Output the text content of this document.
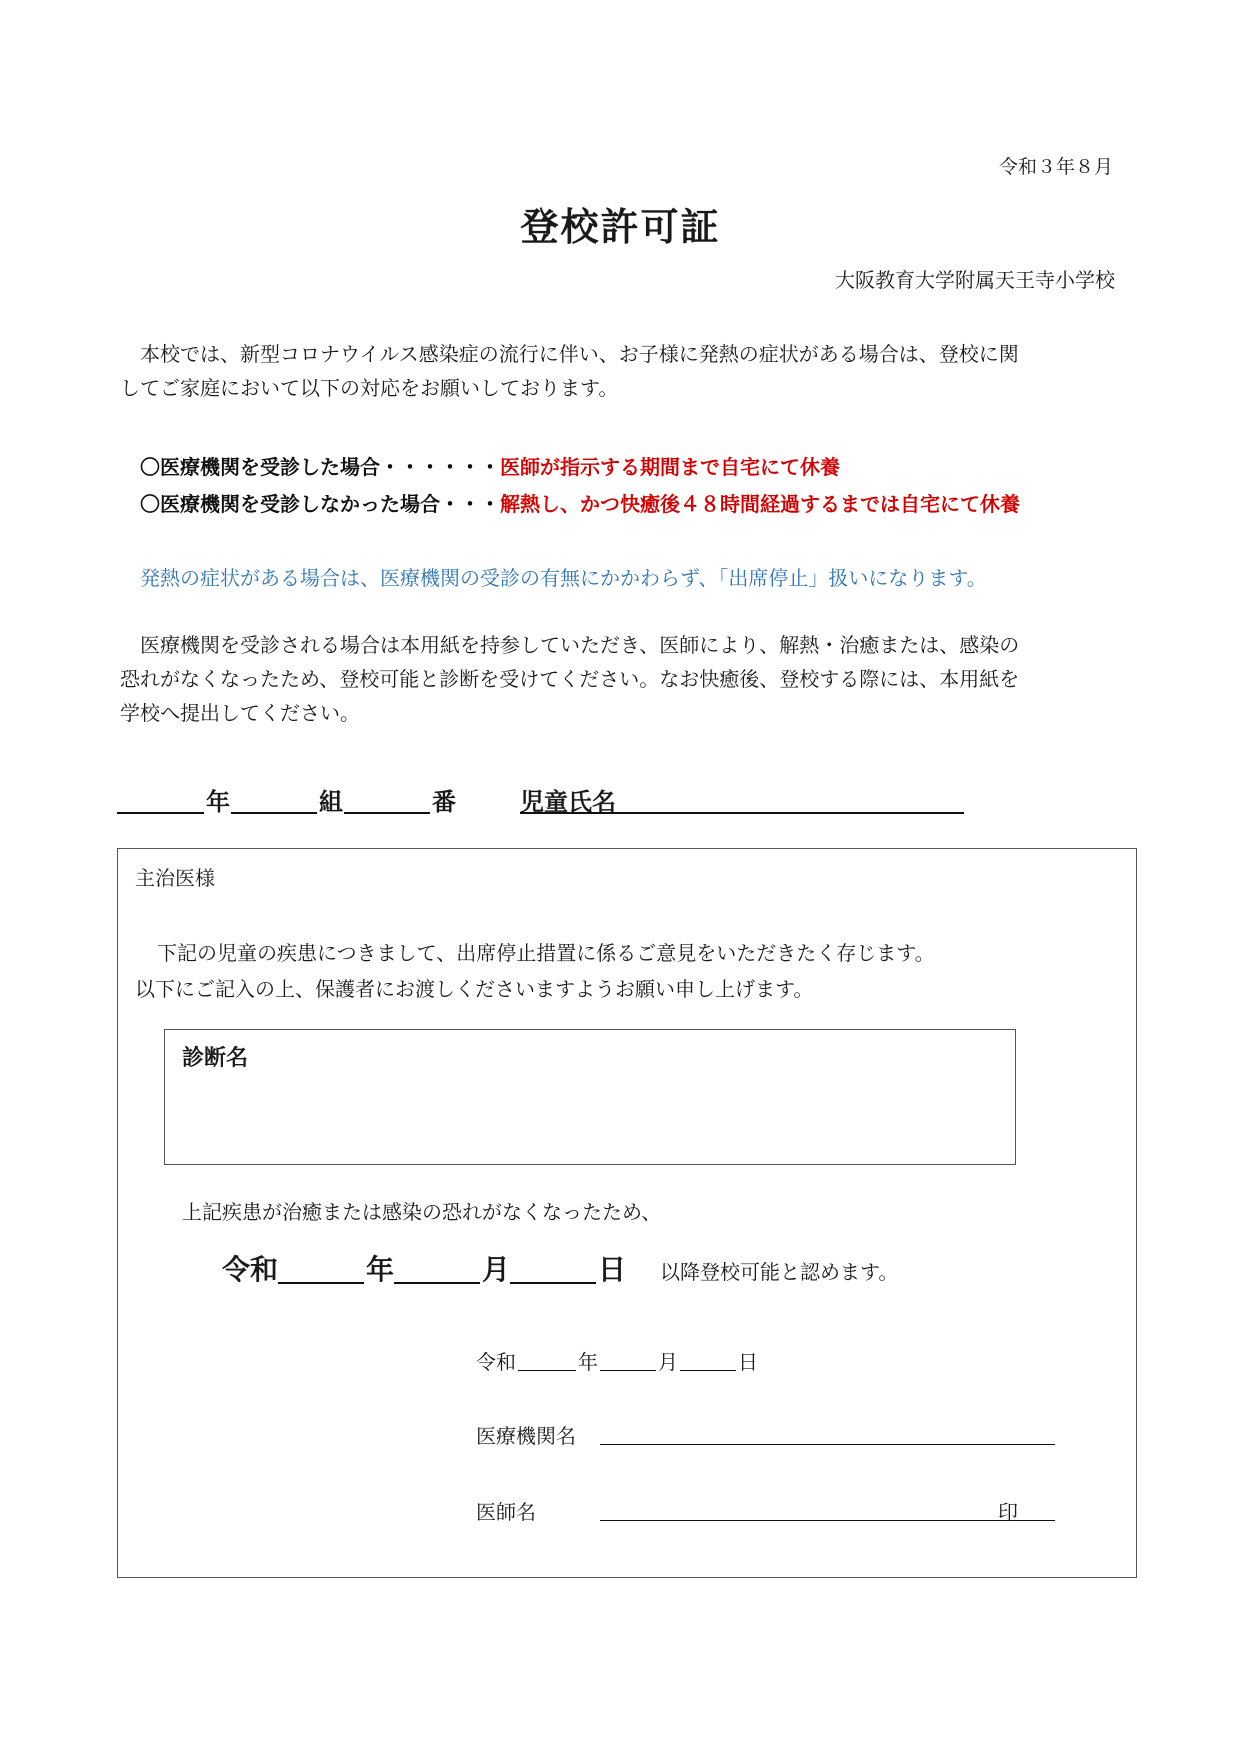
令和３年８月
登校許可証
大阪教育大学附属天王寺小学校
本校では、新型コロナウイルス感染症の流行に伴い、お子様に発熱の症状がある場合は、登校に関
してご家庭において以下の対応をお願いしております。
〇医療機関を受診した場合・・・・・・医師が指示する期間まで自宅にて休養
〇医療機関を受診しなかった場合・・・解熱し、かつ快癒後４８時間経過するまでは自宅にて休養
発熱の症状がある場合は、医療機関の受診の有無にかかわらず、「出席停止」扱いになります。
医療機関を受診される場合は本用紙を持参していただき、医師により、解熱・治癒または、感染の
恐れがなくなったため、登校可能と診断を受けてください。なお快癒後、登校する際には、本用紙を
学校へ提出してください。
年	組	番	児童氏名
主治医様
下記の児童の疾患につきまして、出席停止措置に係るご意見をいただきたく存じます。
以下にご記入の上、保護者にお渡しくださいますようお願い申し上げます。
診断名
上記疾患が治癒または感染の恐れがなくなったため、
令和	年	月	日 以降登校可能と認めます。
令和	年	月	日
医療機関名
医師名	印
